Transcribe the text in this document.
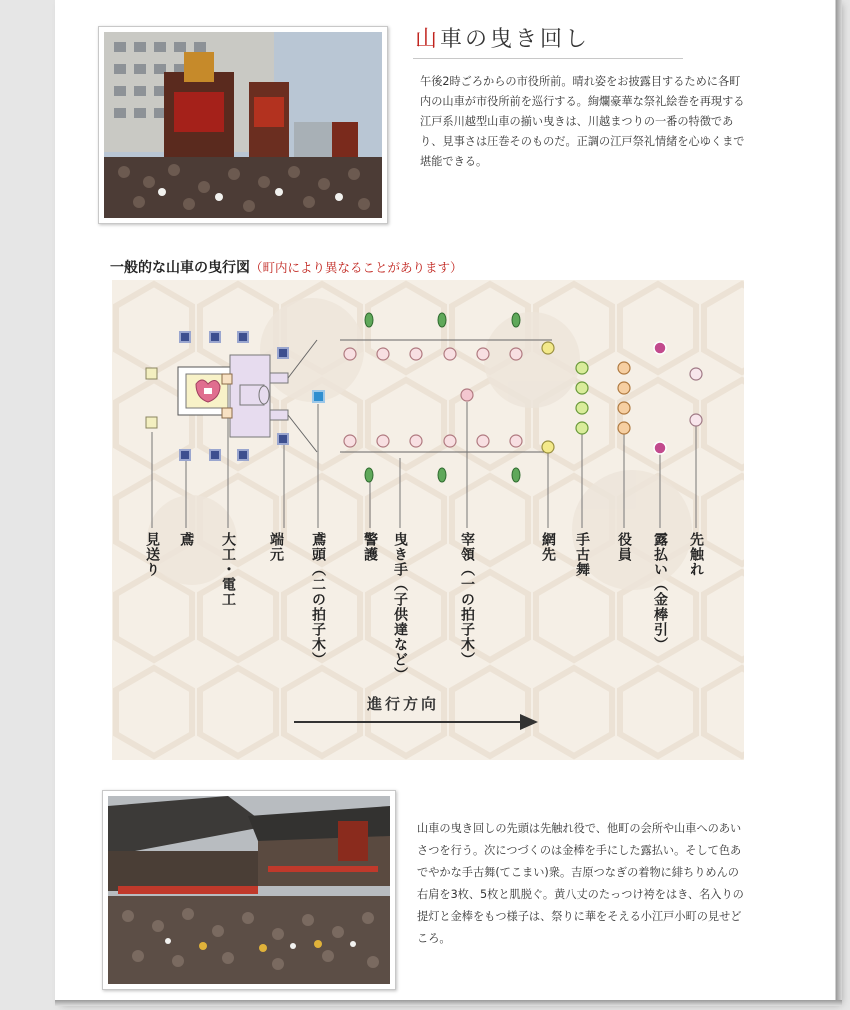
山車の曳き回し
午後2時ごろからの市役所前。晴れ姿をお披露目するために各町内の山車が市役所前を巡行する。絢爛豪華な祭礼絵巻を再現する江戸系川越型山車の揃い曳きは、川越まつりの一番の特徴であり、見事さは圧巻そのものだ。正調の江戸祭礼情緒を心ゆくまで堪能できる。
一般的な山車の曳行図（町内により異なることがあります）
見送り 鳶 大工・電工 端元 鳶頭（二の拍子木）	警護 曳き手（子供達など）	宰領（一の拍子木）	網先 手古舞 役員 露払い（金棒引） 先触れ
進行方向
山車の曳き回しの先頭は先触れ役で、他町の会所や山車へのあいさつを行う。次につづくのは金棒を手にした露払い。そして色あでやかな手古舞(てこまい)衆。吉原つなぎの着物に緋ちりめんの右肩を3枚、5枚と肌脱ぐ。黄八丈のたっつけ袴をはき、名入りの提灯と金棒をもつ様子は、祭りに華をそえる小江戸小町の見せどころ。
